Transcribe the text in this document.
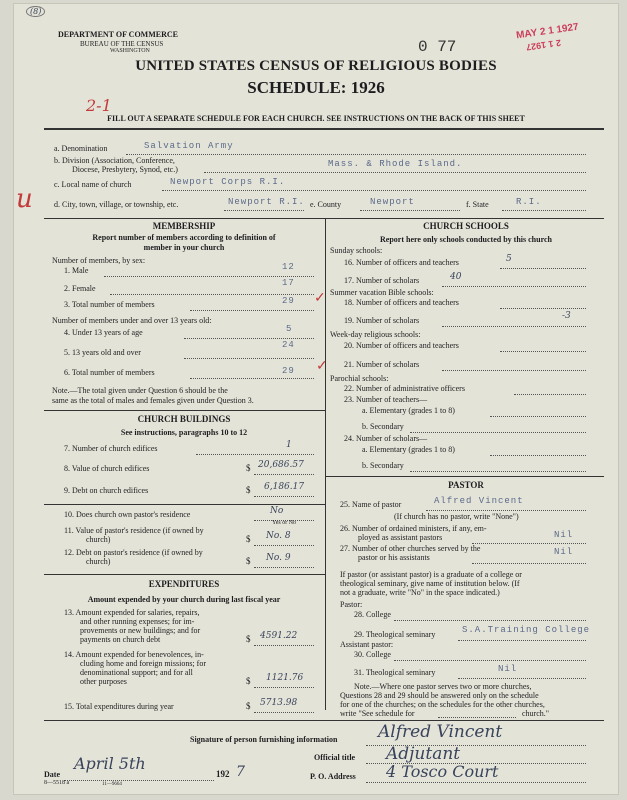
(8)
DEPARTMENT OF COMMERCE
BUREAU OF THE CENSUS
WASHINGTON	0 77
MAY 2 1 1927
2 1 1927
UNITED STATES CENSUS OF RELIGIOUS BODIES
SCHEDULE: 1926
2-1
FILL OUT A SEPARATE SCHEDULE FOR EACH CHURCH. SEE INSTRUCTIONS ON THE BACK OF THIS SHEET
u
a. Denomination	Salvation Army
b. Division (Association, Conference,
Diocese, Presbytery, Synod, etc.)
Mass. & Rhode Island.
c. Local name of church	Newport Corps R.I.
d. City, town, village, or township, etc.	Newport R.I. e. County	Newport	f. State	R.I.
MEMBERSHIP
Report number of members according to definition of
member in your church
Number of members, by sex:
1. Male	12
2. Female
17
3. Total number of members	29 ✓
Number of members under and over 13 years old:
4. Under 13 years of age	5
5. 13 years old and over
24
6. Total number of members	29 ✓
Note.—The total given under Question 6 should be the
same as the total of males and females given under Question 3.
CHURCH BUILDINGS
See instructions, paragraphs 10 to 12
7. Number of church edifices	1
8. Value of church edifices	$ 20,686.57
9. Debt on church edifices	$ 6,186.17
10. Does church own pastor's residence	No
Yes or No
11. Value of pastor's residence (if owned by
church)	$ No. 8
12. Debt on pastor's residence (if owned by
church)	$ No. 9
EXPENDITURES
Amount expended by your church during last fiscal year
13. Amount expended for salaries, repairs,
and other running expenses; for im-
provements or new buildings; and for
payments on church debt	$ 4591.22
14. Amount expended for benevolences, in-
cluding home and foreign missions; for
denominational support; and for all
other purposes	$ 1121.76
15. Total expenditures during year	$ 5713.98
CHURCH SCHOOLS
Report here only schools conducted by this church
Sunday schools:
16. Number of officers and teachers	5
17. Number of scholars	40
Summer vacation Bible schools:
18. Number of officers and teachers
19. Number of scholars	-3
Week-day religious schools:
20. Number of officers and teachers
21. Number of scholars
Parochial schools:
22. Number of administrative officers
23. Number of teachers—
a. Elementary (grades 1 to 8)
b. Secondary
24. Number of scholars—
a. Elementary (grades 1 to 8)
b. Secondary
PASTOR
25. Name of pastor	Alfred Vincent
(If church has no pastor, write "None")
26. Number of ordained ministers, if any, em-
ployed as assistant pastors	Nil
27. Number of other churches served by the
pastor or his assistants
Nil
If pastor (or assistant pastor) is a graduate of a college or
theological seminary, give name of institution below. (If
not a graduate, write "No" in the space indicated.)
Pastor:
28. College
29. Theological seminary	S.A.Training College
Assistant pastor:
30. College
31. Theological seminary	Nil
Note.—Where one pastor serves two or more churches,
Questions 28 and 29 should be answered only on the schedule
for one of the churches; on the schedules for the other churches,
write "See schedule for	church."
Signature of person furnishing information Alfred Vincent
Official title Adjutant
Date
April 5th
192 7	P. O. Address 4 Tosco Court
8—5518 a	11—9664
